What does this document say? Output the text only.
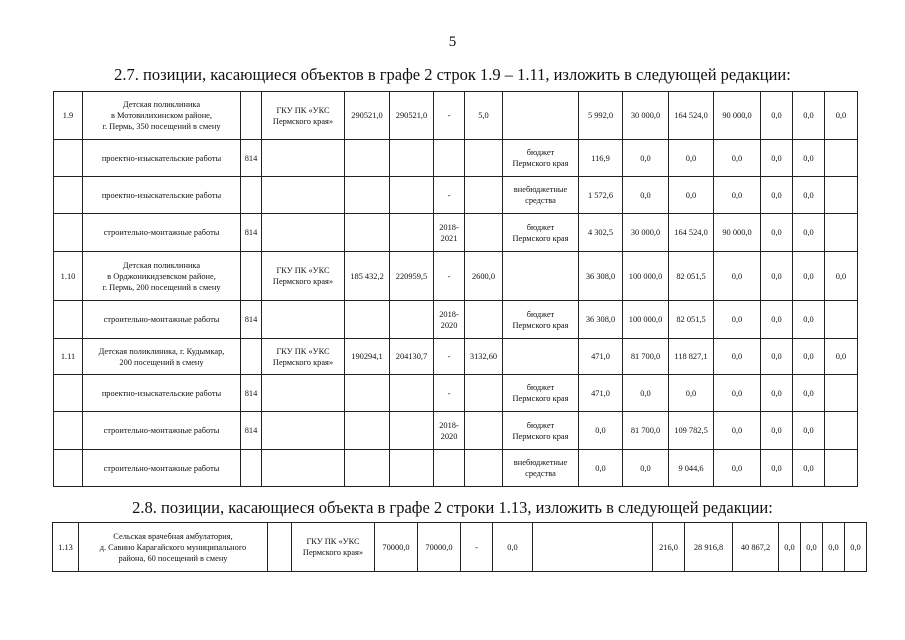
5
2.7. позиции, касающиеся объектов в графе 2 строк 1.9 – 1.11, изложить в следующей редакции:
1.9	Детская поликлиника
в Мотовилихинском районе,
г. Пермь, 350 посещений в смену		ГКУ ПК «УКС
Пермского края»	290521,0	290521,0	-	5,0		5 992,0	30 000,0	164 524,0	90 000,0	0,0	0,0	0,0
	проектно-изыскательские работы	814						бюджет
Пермского края	116,9	0,0	0,0	0,0	0,0	0,0	
	проектно-изыскательские работы					-		внебюджетные
средства	1 572,6	0,0	0,0	0,0	0,0	0,0	
	строительно-монтажные работы	814				2018-
2021		бюджет
Пермского края	4 302,5	30 000,0	164 524,0	90 000,0	0,0	0,0	
1.10	Детская поликлиника
в Орджоникидзевском районе,
г. Пермь, 200 посещений в смену		ГКУ ПК «УКС
Пермского края»	185 432,2	220959,5	-	2600,0		36 308,0	100 000,0	82 051,5	0,0	0,0	0,0	0,0
	строительно-монтажные работы	814				2018-
2020		бюджет
Пермского края	36 308,0	100 000,0	82 051,5	0,0	0,0	0,0	
1.11	Детская поликлиника, г. Кудымкар,
200 посещений в смену		ГКУ ПК «УКС
Пермского края»	190294,1	204130,7	-	3132,60		471,0	81 700,0	118 827,1	0,0	0,0	0,0	0,0
	проектно-изыскательские работы	814				-		бюджет
Пермского края	471,0	0,0	0,0	0,0	0,0	0,0	
	строительно-монтажные работы	814				2018-
2020		бюджет
Пермского края	0,0	81 700,0	109 782,5	0,0	0,0	0,0	
	строительно-монтажные работы							внебюджетные
средства	0,0	0,0	9 044,6	0,0	0,0	0,0	
2.8. позиции, касающиеся объекта в графе 2 строки 1.13, изложить в следующей редакции:
1.13	Сельская врачебная амбулатория,
д. Савино Карагайского муниципального
района, 60 посещений в смену		ГКУ ПК «УКС
Пермского края»	70000,0	70000,0	-	0,0		216,0	28 916,8	40 867,2	0,0	0,0	0,0	0,0
